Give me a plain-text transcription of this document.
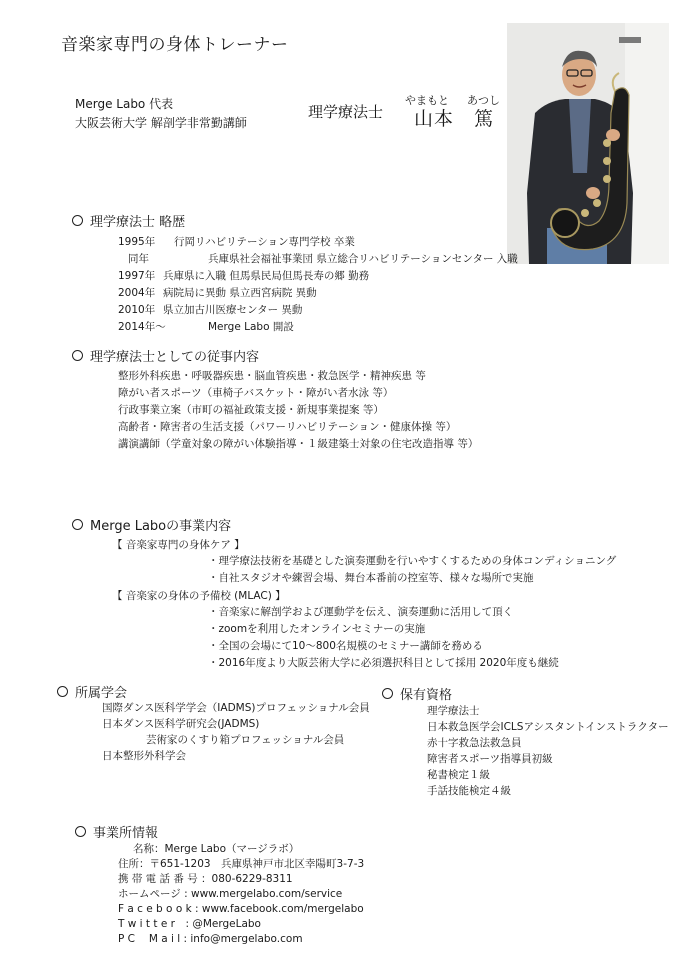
音楽家専門の身体トレーナー
Merge Labo 代表
大阪芸術大学 解剖学非常勤講師
理学療法士
やまもと あつし
山本 篤
理学療法士 略歴
1995年 行岡リハビリテーション専門学校 卒業
同年	兵庫県社会福祉事業団 県立総合リハビリテーションセンター 入職
1997年 兵庫県に入職 但馬県民局但馬長寿の郷 勤務
2004年 病院局に異動 県立西宮病院 異動
2010年 県立加古川医療センター 異動
2014年〜	Merge Labo 開設
理学療法士としての従事内容
整形外科疾患・呼吸器疾患・脳血管疾患・救急医学・精神疾患 等
障がい者スポーツ（車椅子バスケット・障がい者水泳 等）
行政事業立案（市町の福祉政策支援・新規事業提案 等）
高齢者・障害者の生活支援（パワーリハビリテーション・健康体操 等）
講演講師（学童対象の障がい体験指導・１級建築士対象の住宅改造指導 等）
Merge Laboの事業内容
【 音楽家専門の身体ケア 】
・理学療法技術を基礎とした演奏運動を行いやすくするための身体コンディショニング
・自社スタジオや練習会場、舞台本番前の控室等、様々な場所で実施
【 音楽家の身体の予備校 (MLAC) 】
・音楽家に解剖学および運動学を伝え、演奏運動に活用して頂く
・zoomを利用したオンラインセミナーの実施
・全国の会場にて10～800名規模のセミナー講師を務める
・2016年度より大阪芸術大学に必須選択科目として採用 2020年度も継続
所属学会
国際ダンス医科学学会（IADMS)プロフェッショナル会員
日本ダンス医科学研究会(JADMS)
芸術家のくすり箱プロフェッショナル会員
日本整形外科学会
保有資格
理学療法士
日本救急医学会ICLSアシスタントインストラクター
赤十字救急法救急員
障害者スポーツ指導員初級
秘書検定１級
手話技能検定４級
事業所情報
名称：Merge Labo（マージラボ）
住所：〒651-1203　兵庫県神戸市北区幸陽町3-7-3
携 帯 電 話 番 号 ：080-6229-8311
ホームページ : www.mergelabo.com/service
F a c e b o o k : www.facebook.com/mergelabo
T w i t t e r　: @MergeLabo
P C　 M a i l : info@mergelabo.com
